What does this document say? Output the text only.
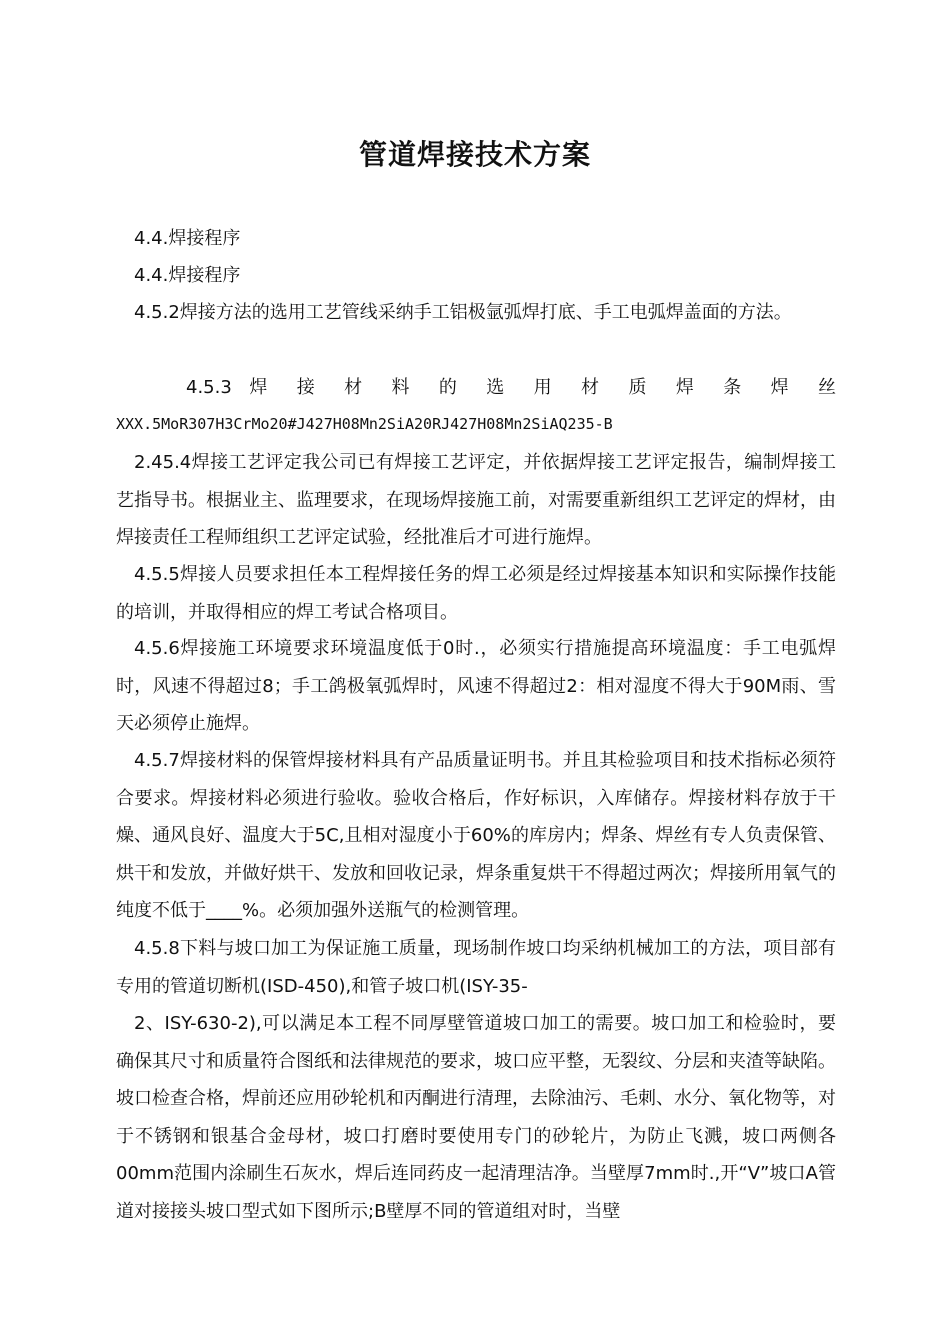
管道焊接技术方案

4.4.焊接程序

4.4.焊接程序

4.5.2焊接方法的选用工艺管线采纳手工铝极氩弧焊打底、手工电弧焊盖面的方法。

4.5.3 焊 接 材 料 的 选 用 材 质 焊 条 焊 丝

XXX.5MoR307H3CrMo20#J427H08Mn2SiA20RJ427H08Mn2SiAQ235-B

2.45.4焊接工艺评定我公司已有焊接工艺评定，并依据焊接工艺评定报告，编制焊接工艺指导书。根据业主、监理要求，在现场焊接施工前，对需要重新组织工艺评定的焊材，由焊接责任工程师组织工艺评定试验，经批准后才可进行施焊。

4.5.5焊接人员要求担任本工程焊接任务的焊工必须是经过焊接基本知识和实际操作技能的培训，并取得相应的焊工考试合格项目。

4.5.6焊接施工环境要求环境温度低于0时.，必须实行措施提高环境温度：手工电弧焊时，风速不得超过8；手工鸽极氧弧焊时，风速不得超过2：相对湿度不得大于90M雨、雪天必须停止施焊。

4.5.7焊接材料的保管焊接材料具有产品质量证明书。并且其检验项目和技术指标必须符合要求。焊接材料必须进行验收。验收合格后，作好标识，入库储存。焊接材料存放于干燥、通风良好、温度大于5C,且相对湿度小于60%的库房内；焊条、焊丝有专人负责保管、烘干和发放，并做好烘干、发放和回收记录，焊条重复烘干不得超过两次；焊接所用氧气的纯度不低于____%。必须加强外送瓶气的检测管理。

4.5.8下料与坡口加工为保证施工质量，现场制作坡口均采纳机械加工的方法，项目部有专用的管道切断机(ISD-450),和管子坡口机(ISY-35-

2、ISY-630-2),可以满足本工程不同厚壁管道坡口加工的需要。坡口加工和检验时，要确保其尺寸和质量符合图纸和法律规范的要求，坡口应平整，无裂纹、分层和夹渣等缺陷。坡口检查合格，焊前还应用砂轮机和丙酮进行清理，去除油污、毛刺、水分、氧化物等，对于不锈钢和银基合金母材，坡口打磨时要使用专门的砂轮片，为防止飞溅，坡口两侧各00mm范围内涂刷生石灰水，焊后连同药皮一起清理洁净。当壁厚7mm时.,开“V”坡口A管道对接接头坡口型式如下图所示;B壁厚不同的管道组对时，当壁
